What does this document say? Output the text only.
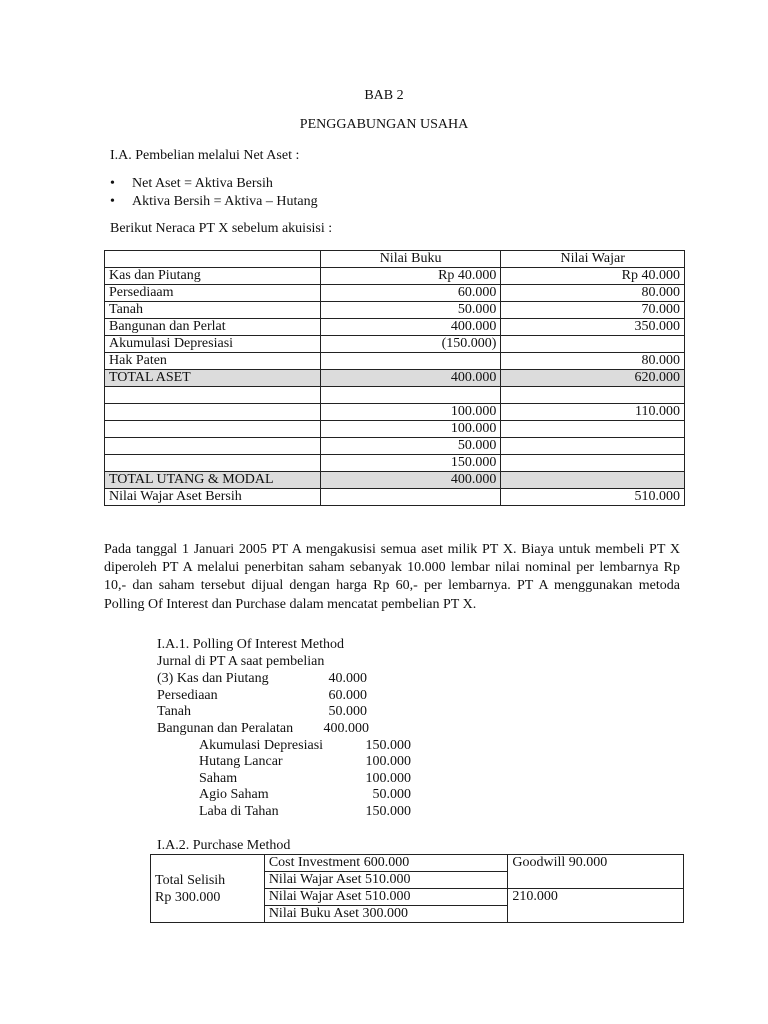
BAB 2
PENGGABUNGAN USAHA
I.A. Pembelian melalui Net Aset :
•	Net Aset = Aktiva Bersih
•	Aktiva Bersih = Aktiva – Hutang
Berikut Neraca PT X sebelum akuisisi :
	Nilai Buku	Nilai Wajar
Kas dan Piutang	Rp 40.000	Rp 40.000
Persediaam	60.000	80.000
Tanah	50.000	70.000
Bangunan dan Perlat	400.000	350.000
Akumulasi Depresiasi	(150.000)	
Hak Paten		80.000
TOTAL ASET	400.000	620.000

	100.000	110.000
	100.000	
	50.000	
	150.000	
TOTAL UTANG & MODAL	400.000	
Nilai Wajar Aset Bersih		510.000
Pada tanggal 1 Januari 2005 PT A mengakusisi semua aset milik PT X. Biaya untuk membeli PT X diperoleh PT A melalui penerbitan saham sebanyak 10.000 lembar nilai nominal per lembarnya Rp 10,- dan saham tersebut dijual dengan harga Rp 60,- per lembarnya. PT A menggunakan metoda Polling Of Interest dan Purchase dalam mencatat pembelian PT X.
I.A.1. Polling Of Interest Method
Jurnal di PT A saat pembelian
(3) Kas dan Piutang	40.000
Persediaan	60.000
Tanah	50.000
Bangunan dan Peralatan	400.000
Akumulasi Depresiasi	150.000
Hutang Lancar	100.000
Saham	100.000
Agio Saham	50.000
Laba di Tahan	150.000
I.A.2. Purchase Method
Total Selisih
Rp 300.000	Cost Investment 600.000	Goodwill 90.000
	Nilai Wajar Aset 510.000	
	Nilai Wajar Aset 510.000	210.000
	Nilai Buku Aset 300.000	
